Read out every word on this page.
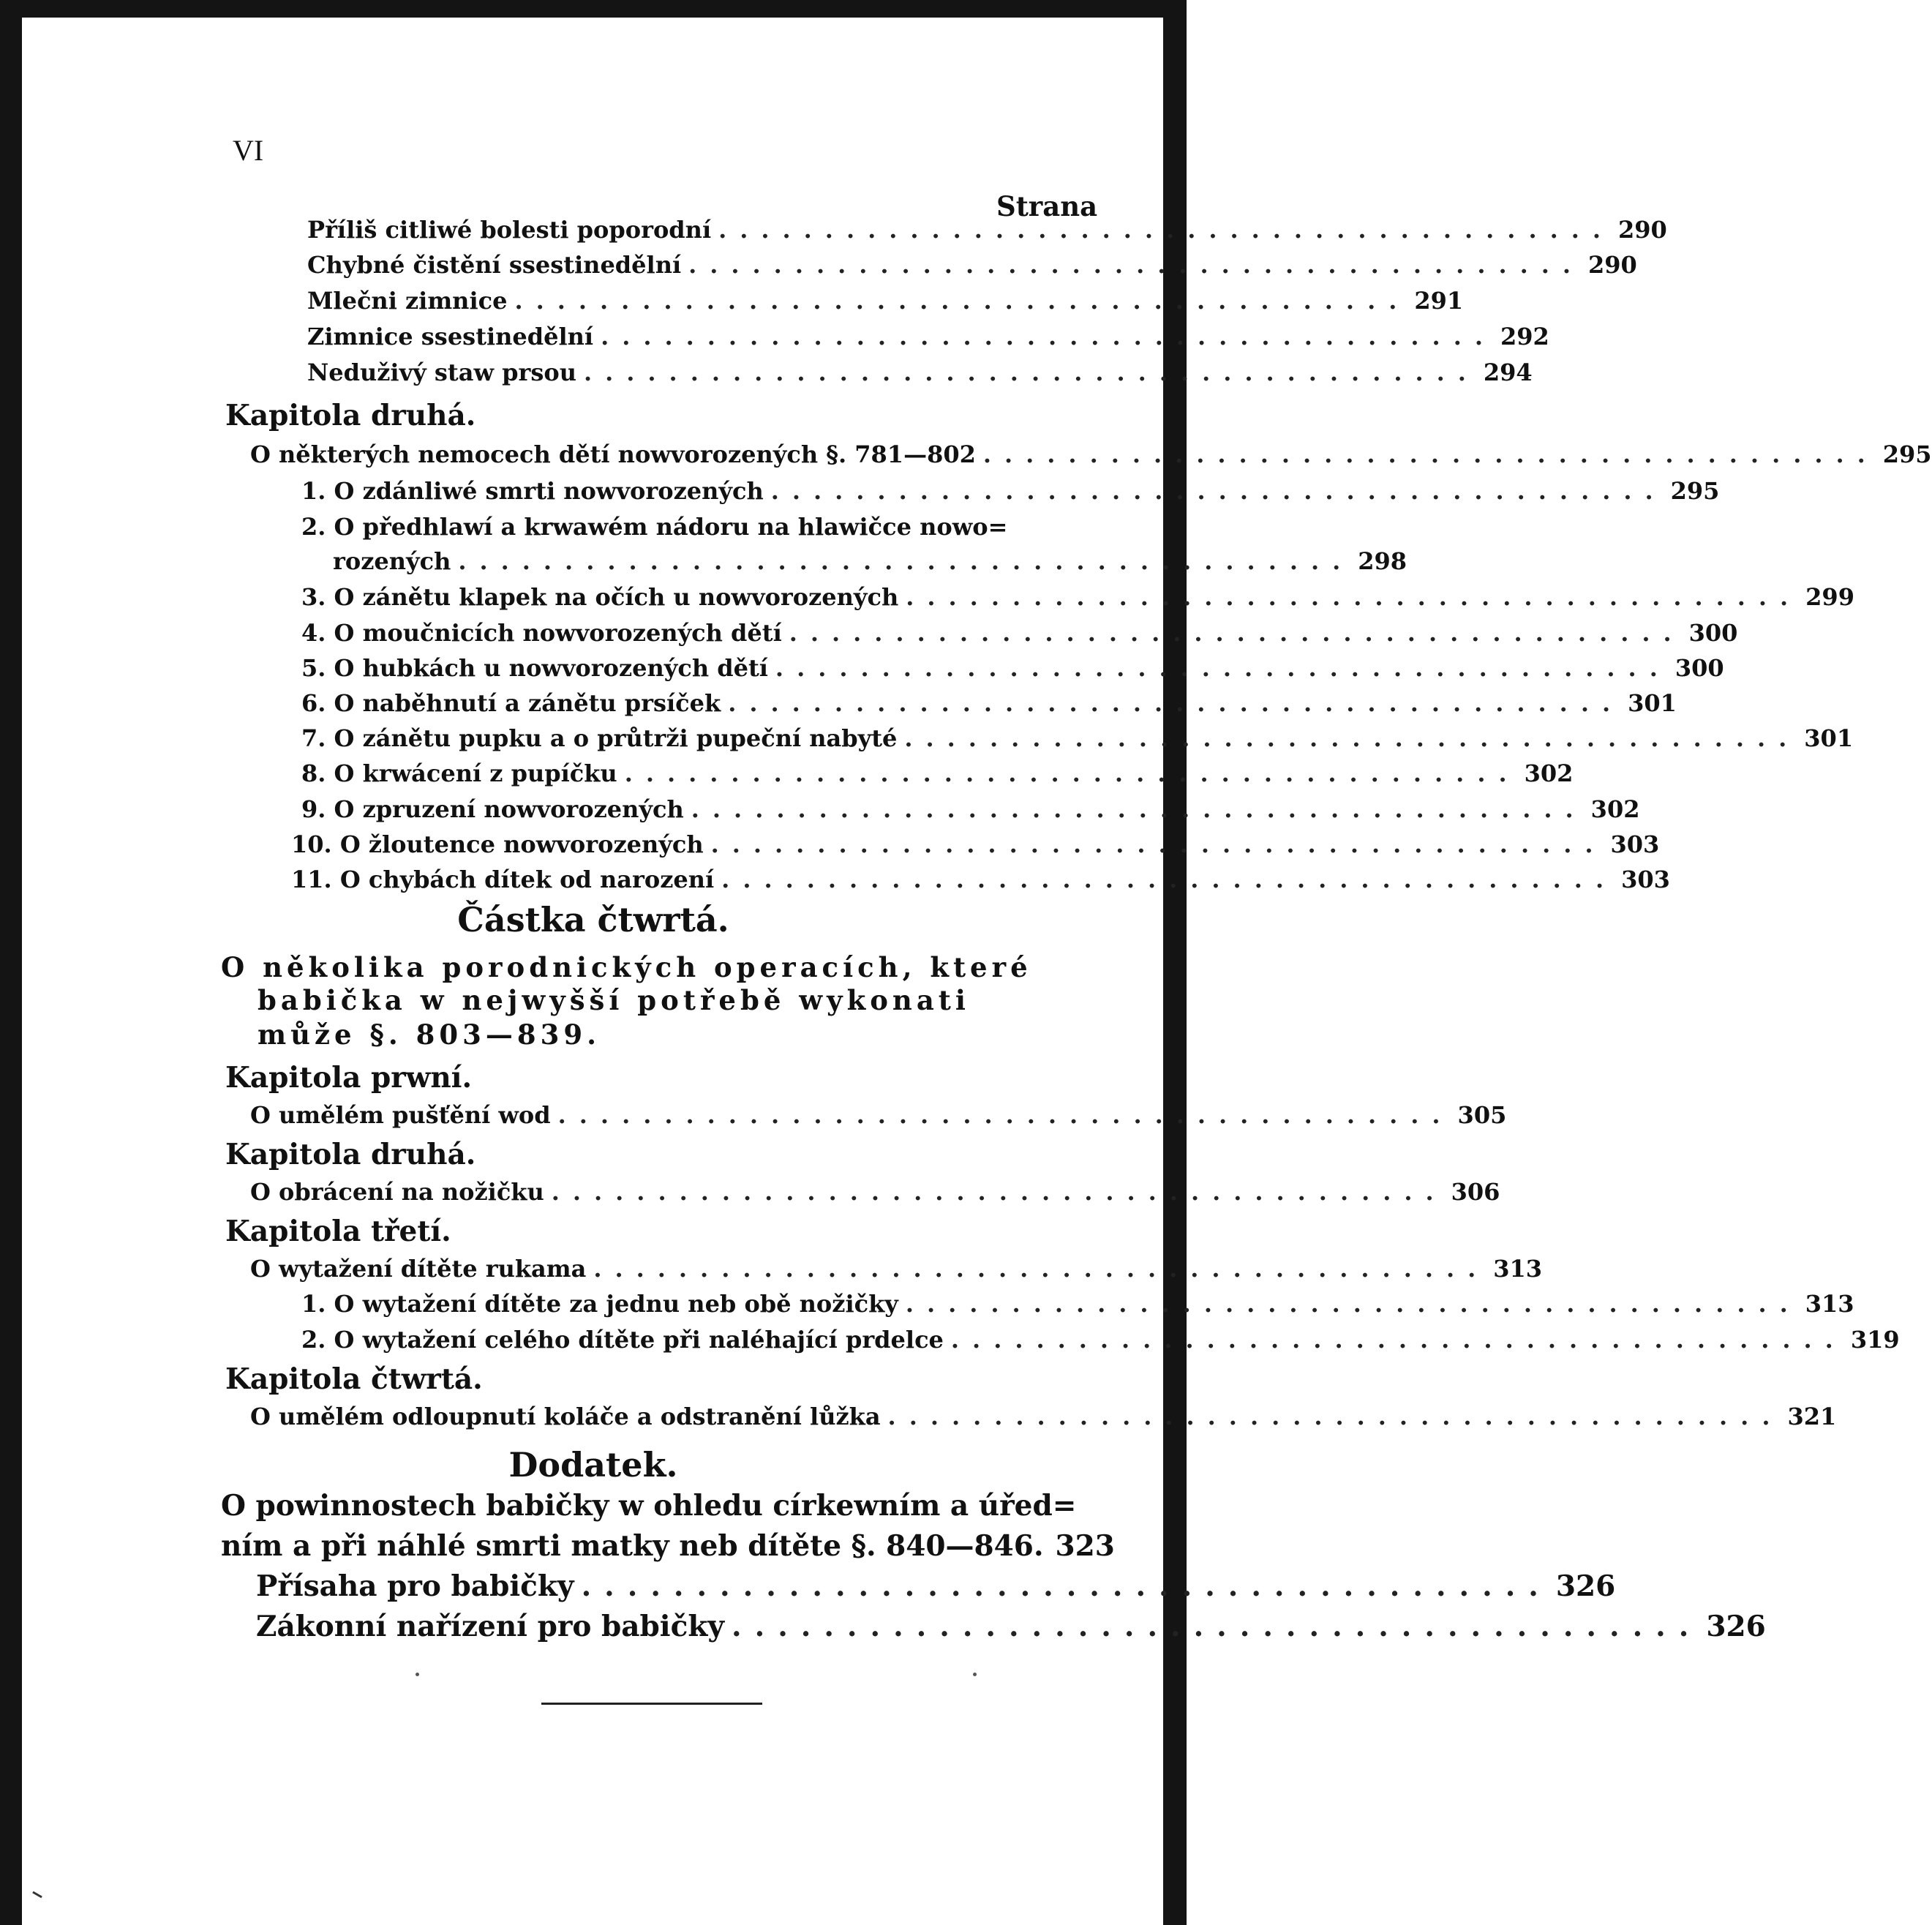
VI
Strana
Příliš citliwé bolesti poporodní .......................................... 290
Chybné čistění ssestinedělní .......................................... 290
Mlečni zimnice .......................................... 291
Zimnice ssestinedělní .......................................... 292
Neduživý staw prsou .......................................... 294
Kapitola druhá.
O některých nemocech dětí nowvorozených §. 781—802 .......................................... 295
1. O zdánliwé smrti nowvorozených .......................................... 295
2. O předhlawí a krwawém nádoru na hlawičce nowo=
rozených .......................................... 298
3. O zánětu klapek na očích u nowvorozených .......................................... 299
4. O moučnicích nowvorozených dětí .......................................... 300
5. O hubkách u nowvorozených dětí .......................................... 300
6. O naběhnutí a zánětu prsíček .......................................... 301
7. O zánětu pupku a o průtrži pupeční nabyté .......................................... 301
8. O krwácení z pupíčku .......................................... 302
9. O zpruzení nowvorozených .......................................... 302
10. O žloutence nowvorozených .......................................... 303
11. O chybách dítek od narození .......................................... 303
Částka čtwrtá.
O několika porodnických operacích, které
babička w nejwyšší potřebě wykonati
může §. 803—839.
Kapitola prwní.
O umělém pušťění wod .......................................... 305
Kapitola druhá.
O obrácení na nožičku .......................................... 306
Kapitola třetí.
O wytažení dítěte rukama .......................................... 313
1. O wytažení dítěte za jednu neb obě nožičky .......................................... 313
2. O wytažení celého dítěte při naléhající prdelce .......................................... 319
Kapitola čtwrtá.
O umělém odloupnutí koláče a odstranění lůžka .......................................... 321
Dodatek.
O powinnostech babičky w ohledu církewním a úřed=
ním a při náhlé smrti matky neb dítěte §. 840—846. 323
Přísaha pro babičky .......................................... 326
Zákonní nařízení pro babičky .......................................... 326
